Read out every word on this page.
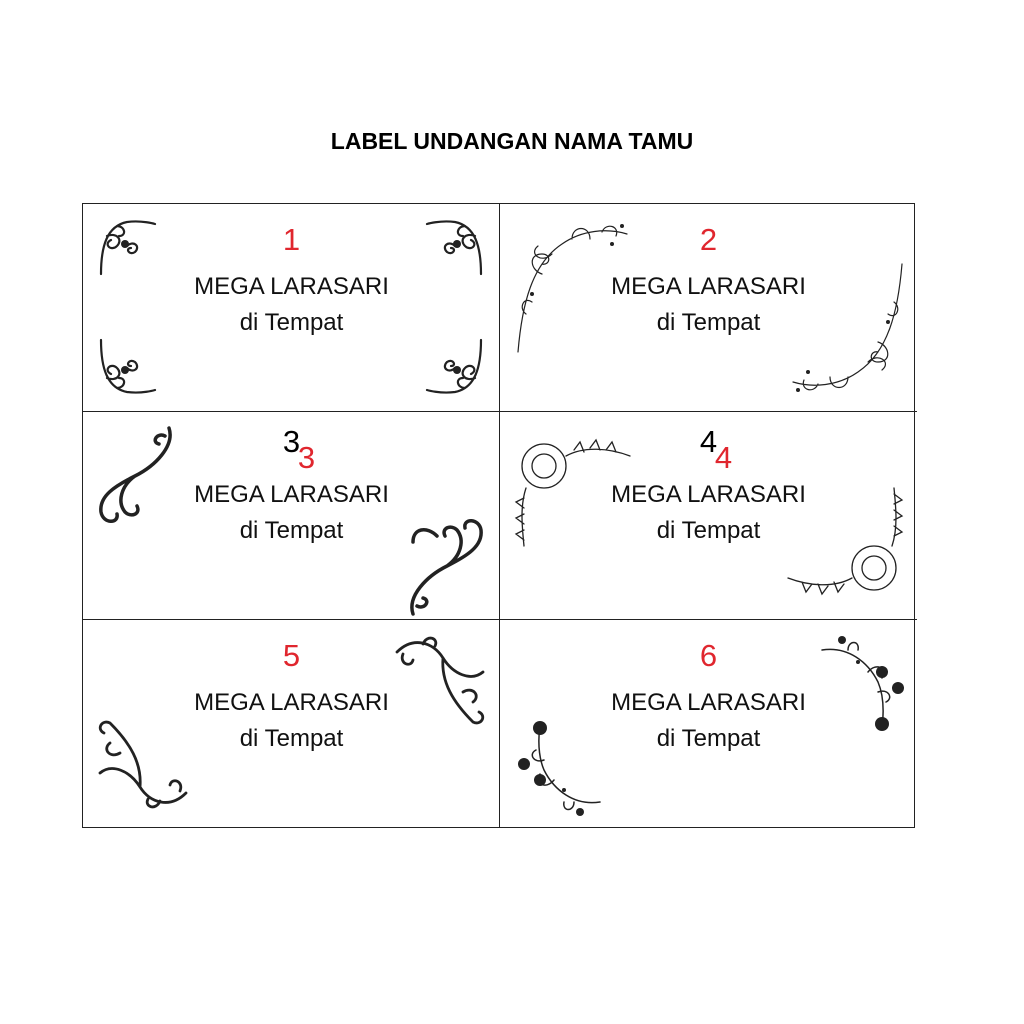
LABEL UNDANGAN NAMA TAMU
1
MEGA LARASARI
di Tempat
2
MEGA LARASARI
di Tempat
3
3
MEGA LARASARI
di Tempat
4
4
MEGA LARASARI
di Tempat
5
MEGA LARASARI
di Tempat
6
MEGA LARASARI
di Tempat
